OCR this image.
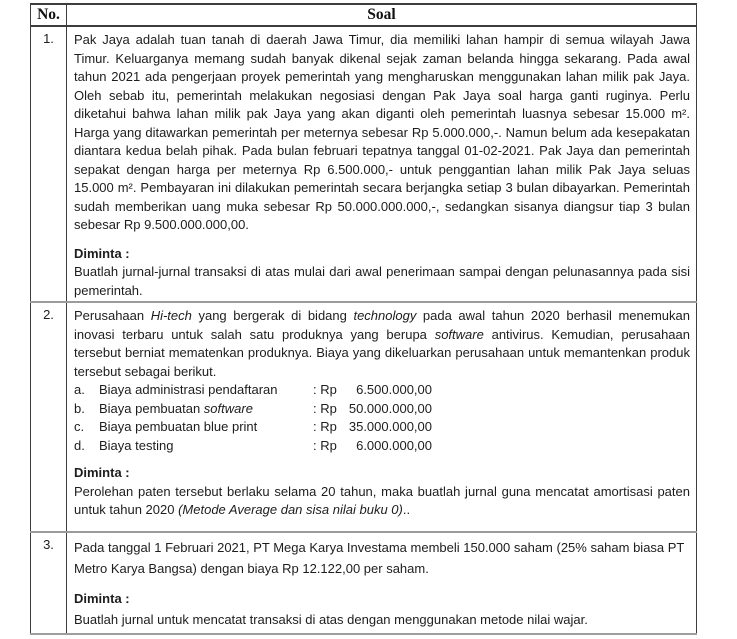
No.	Soal
1.	Pak Jaya adalah tuan tanah di daerah Jawa Timur, dia memiliki lahan hampir di semua wilayah Jawa Timur. Keluarganya memang sudah banyak dikenal sejak zaman belanda hingga sekarang. Pada awal tahun 2021 ada pengerjaan proyek pemerintah yang mengharuskan menggunakan lahan milik pak Jaya. Oleh sebab itu, pemerintah melakukan negosiasi dengan Pak Jaya soal harga ganti ruginya. Perlu diketahui bahwa lahan milik pak Jaya yang akan diganti oleh pemerintah luasnya sebesar 15.000 m². Harga yang ditawarkan pemerintah per meternya sebesar Rp 5.000.000,-. Namun belum ada kesepakatan diantara kedua belah pihak. Pada bulan februari tepatnya tanggal 01-02-2021. Pak Jaya dan pemerintah sepakat dengan harga per meternya Rp 6.500.000,- untuk penggantian lahan milik Pak Jaya seluas 15.000 m². Pembayaran ini dilakukan pemerintah secara berjangka setiap 3 bulan dibayarkan. Pemerintah sudah memberikan uang muka sebesar Rp 50.000.000.000,-, sedangkan sisanya diangsur tiap 3 bulan sebesar Rp 9.500.000.000,00.

Diminta :

Buatlah jurnal-jurnal transaksi di atas mulai dari awal penerimaan sampai dengan pelunasannya pada sisi pemerintah.

2.	Perusahaan Hi-tech yang bergerak di bidang technology pada awal tahun 2020 berhasil menemukan inovasi terbaru untuk salah satu produknya yang berupa software antivirus. Kemudian, perusahaan tersebut berniat mematenkan produknya. Biaya yang dikeluarkan perusahaan untuk memantenkan produk tersebut sebagai berikut.

a.	Biaya administrasi pendaftaran	: Rp	6.500.000,00
b.	Biaya pembuatan software	: Rp 50.000.000,00
c.	Biaya pembuatan blue print	: Rp 35.000.000,00
d.	Biaya testing	: Rp	6.000.000,00

Diminta :

Perolehan paten tersebut berlaku selama 20 tahun, maka buatlah jurnal guna mencatat amortisasi paten untuk tahun 2020 (Metode Average dan sisa nilai buku 0)..

3.	Pada tanggal 1 Februari 2021, PT Mega Karya Investama membeli 150.000 saham (25% saham biasa PT Metro Karya Bangsa) dengan biaya Rp 12.122,00 per saham.

Diminta :

Buatlah jurnal untuk mencatat transaksi di atas dengan menggunakan metode nilai wajar.
